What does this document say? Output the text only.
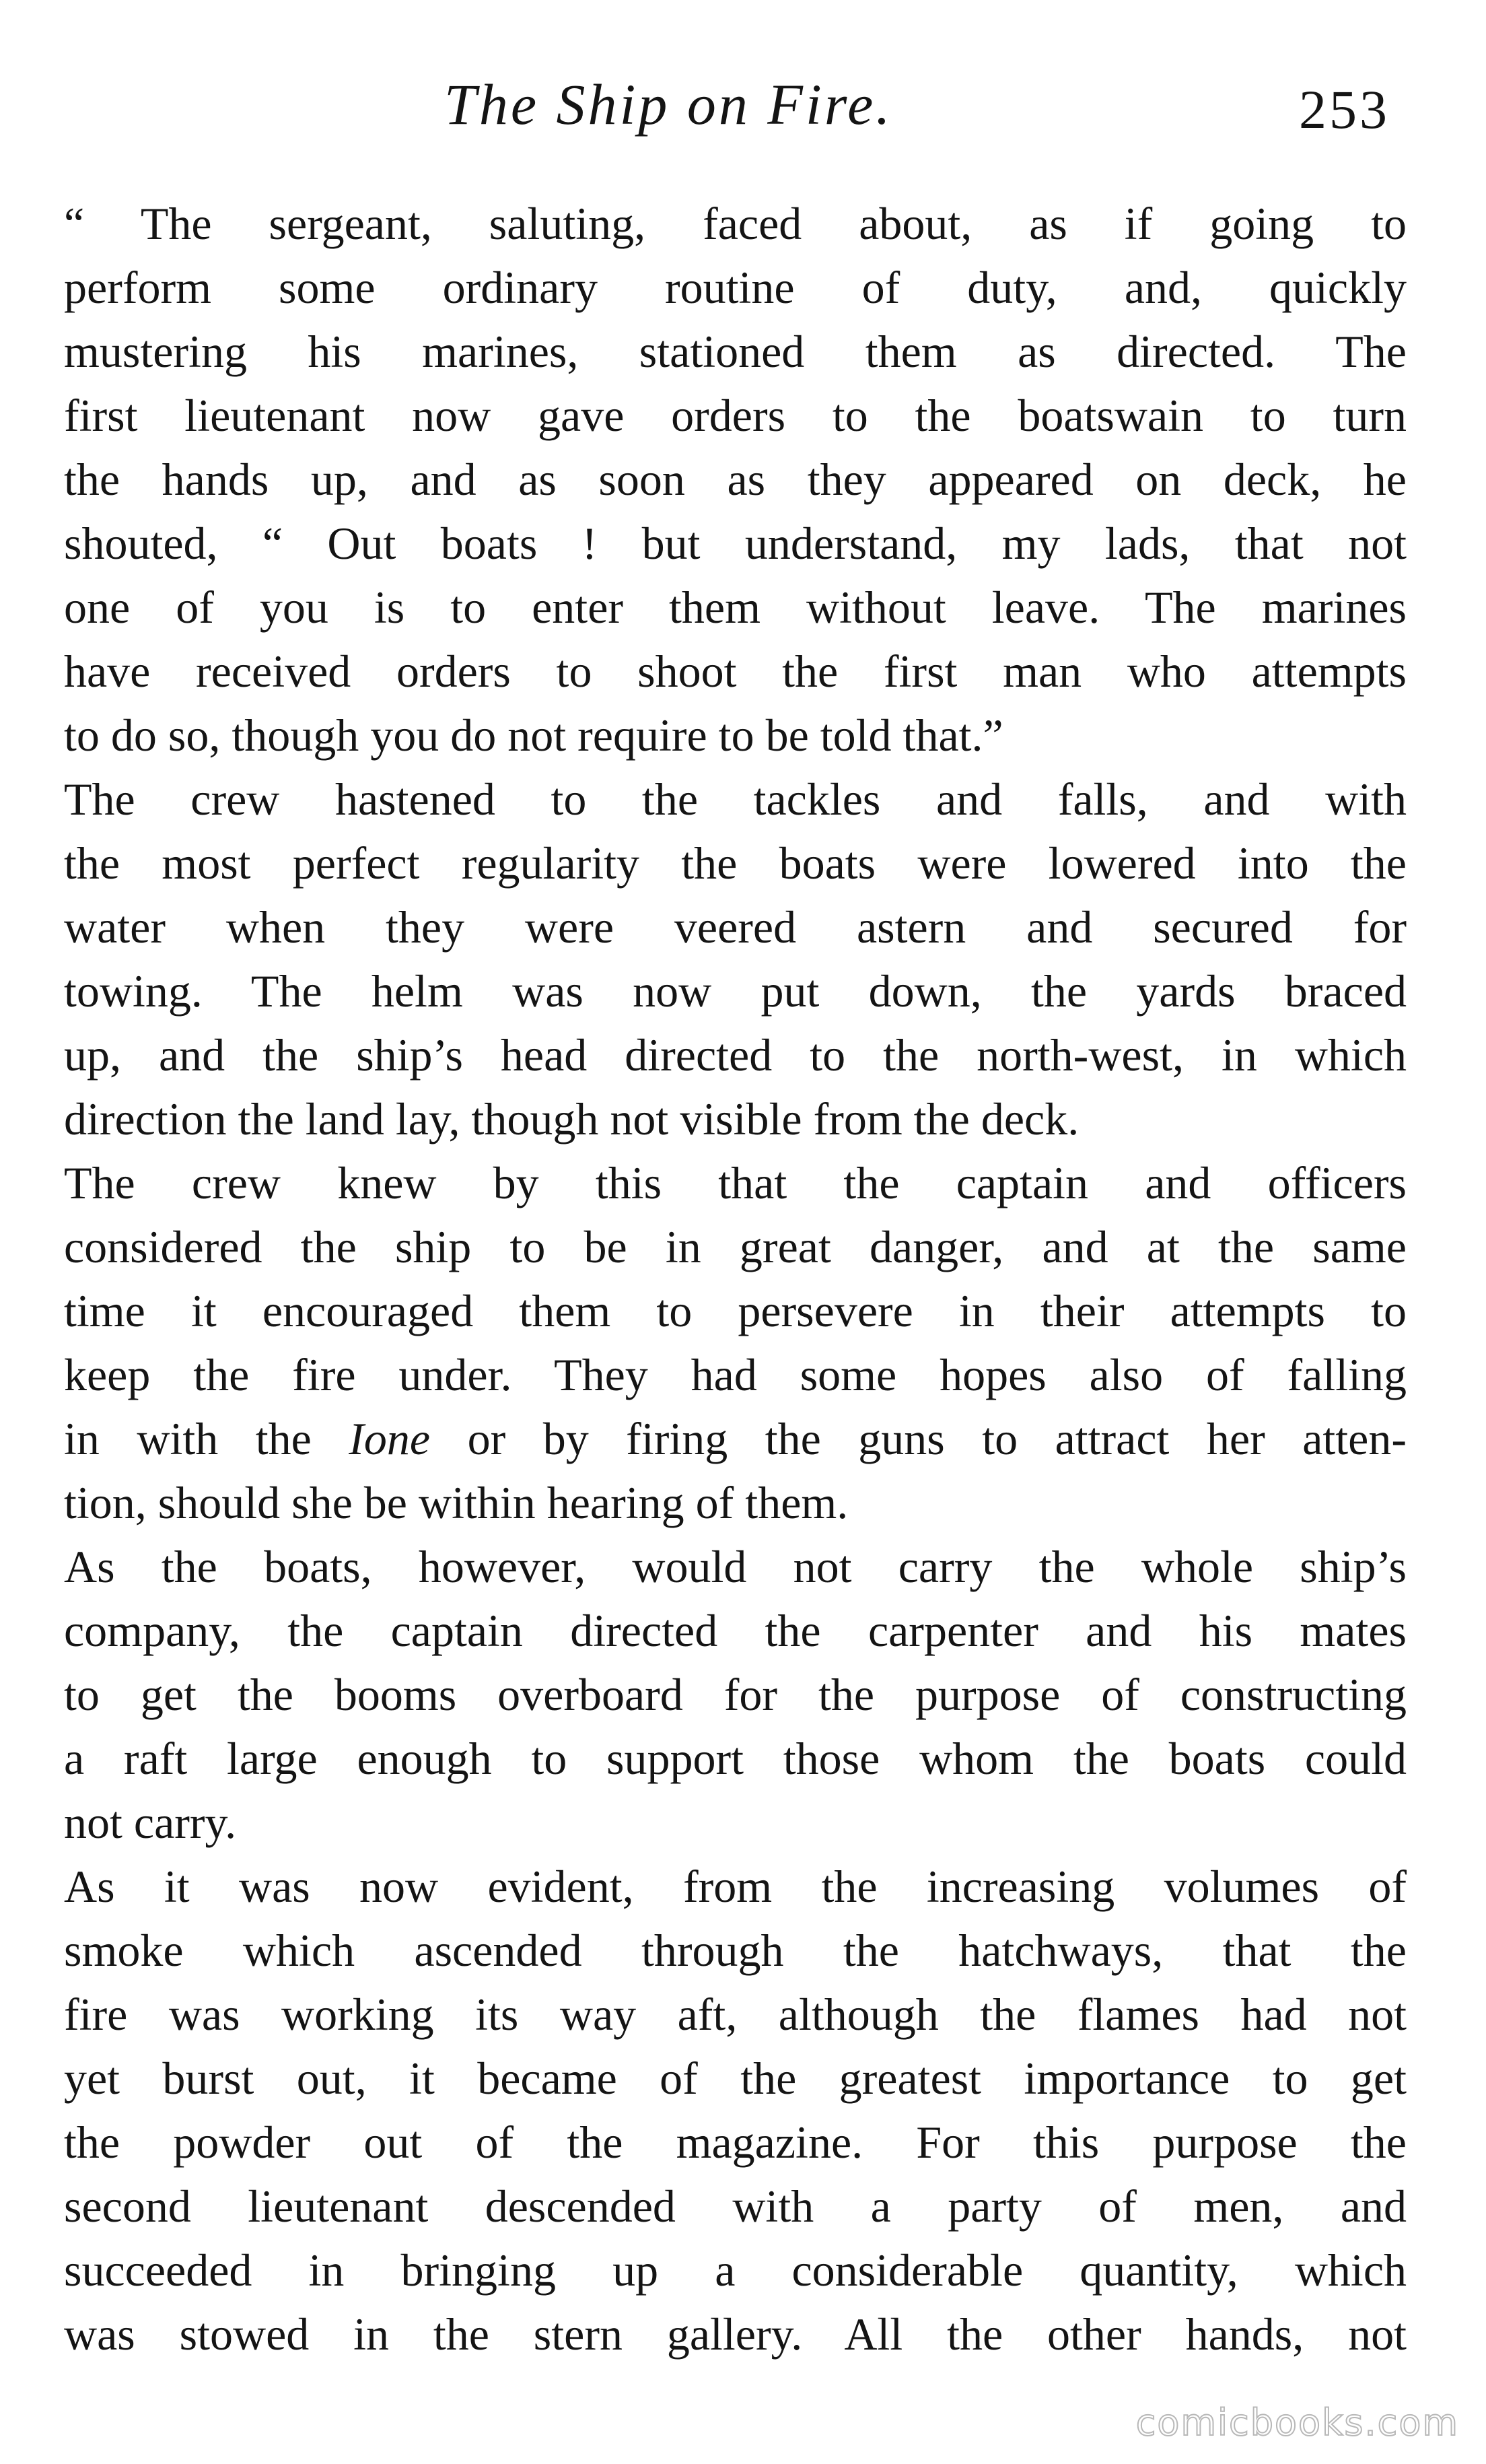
The Ship on Fire.	253

“ The sergeant, saluting, faced about, as if going to
perform some ordinary routine of duty, and, quickly
mustering his marines, stationed them as directed. The
first lieutenant now gave orders to the boatswain to turn
the hands up, and as soon as they appeared on deck, he
shouted, “ Out boats ! but understand, my lads, that not
one of you is to enter them without leave. The marines
have received orders to shoot the first man who attempts
to do so, though you do not require to be told that.”

The crew hastened to the tackles and falls, and with
the most perfect regularity the boats were lowered into the
water when they were veered astern and secured for
towing. The helm was now put down, the yards braced
up, and the ship’s head directed to the north-west, in which
direction the land lay, though not visible from the deck.

The crew knew by this that the captain and officers
considered the ship to be in great danger, and at the same
time it encouraged them to persevere in their attempts to
keep the fire under. They had some hopes also of falling
in with the Ione or by firing the guns to attract her atten-
tion, should she be within hearing of them.

As the boats, however, would not carry the whole ship’s
company, the captain directed the carpenter and his mates
to get the booms overboard for the purpose of constructing
a raft large enough to support those whom the boats could
not carry.

As it was now evident, from the increasing volumes of
smoke which ascended through the hatchways, that the
fire was working its way aft, although the flames had not
yet burst out, it became of the greatest importance to get
the powder out of the magazine. For this purpose the
second lieutenant descended with a party of men, and
succeeded in bringing up a considerable quantity, which
was stowed in the stern gallery. All the other hands, not

comicbooks.com
